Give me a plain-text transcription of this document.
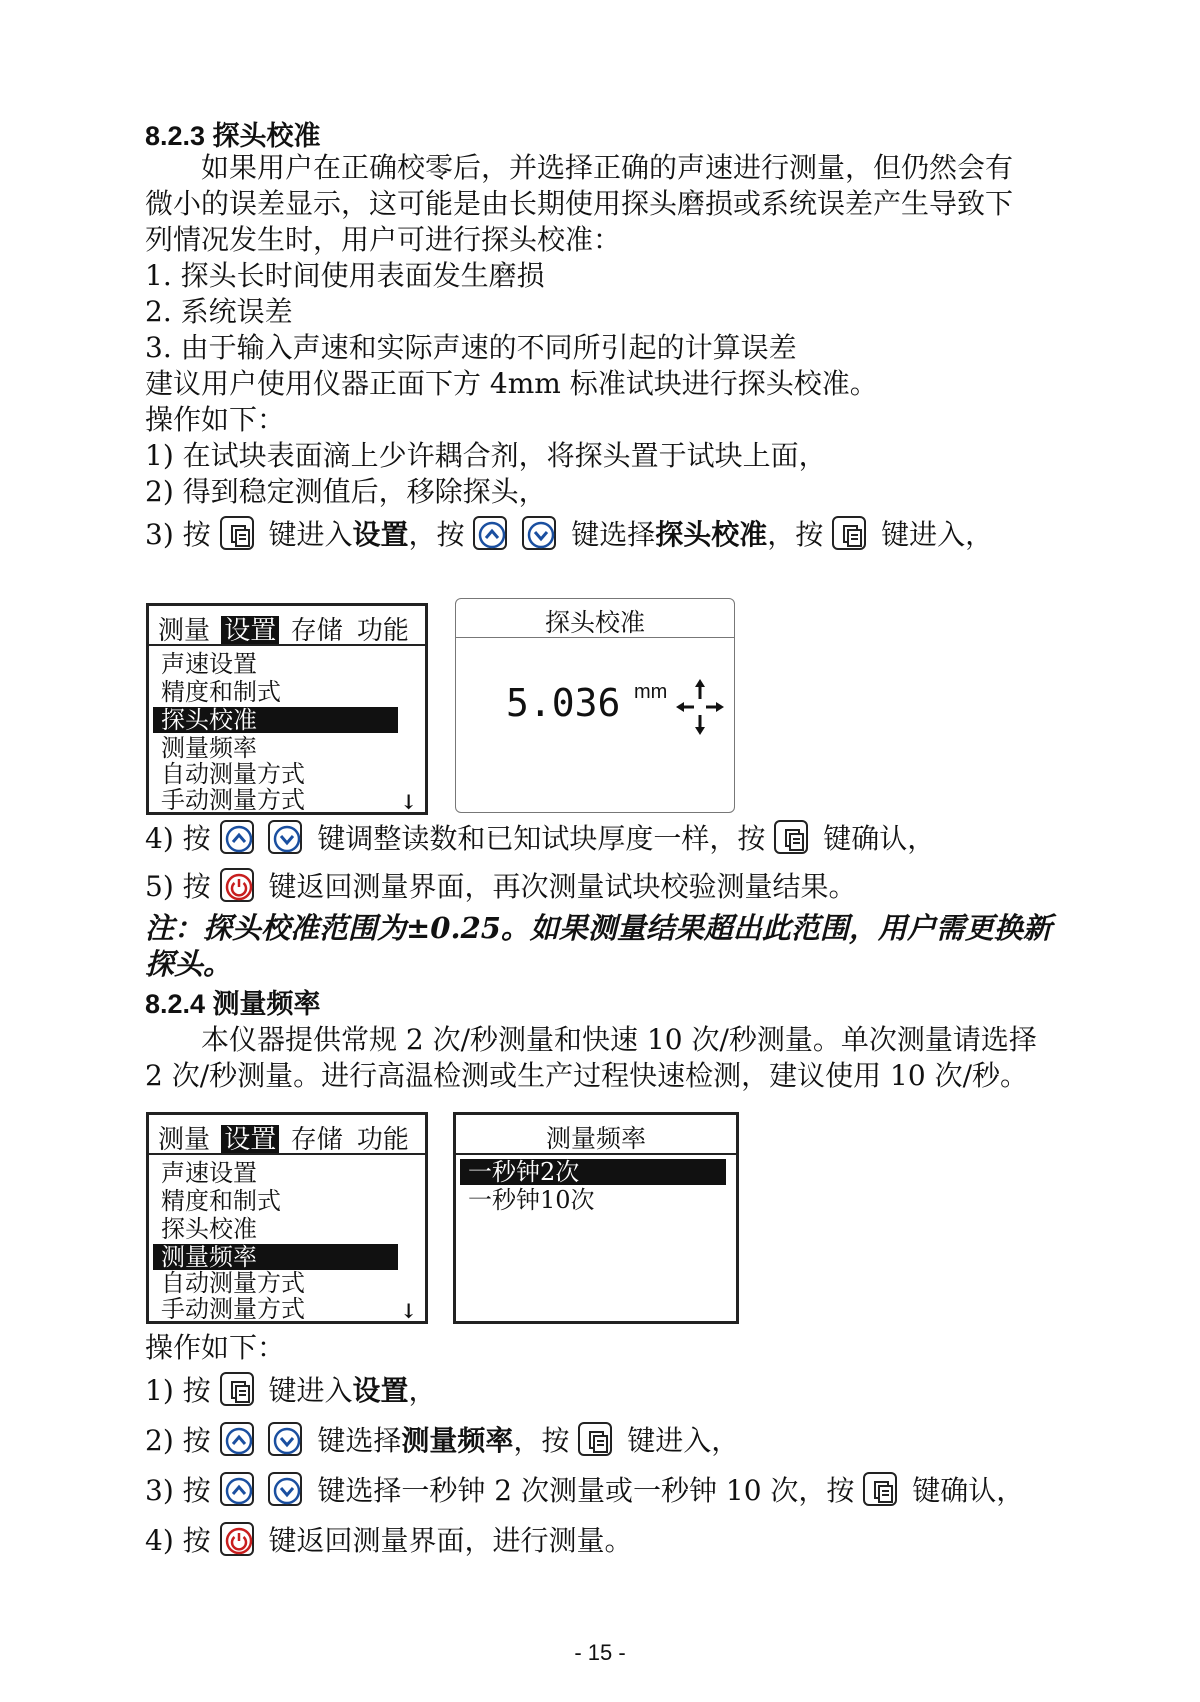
8.2.3 探头校准
　　如果用户在正确校零后，并选择正确的声速进行测量，但仍然会有
微小的误差显示，这可能是由长期使用探头磨损或系统误差产生导致下
列情况发生时，用户可进行探头校准：
1. 探头长时间使用表面发生磨损
2. 系统误差
3. 由于输入声速和实际声速的不同所引起的计算误差
建议用户使用仪器正面下方 4mm 标准试块进行探头校准。
操作如下：
1) 在试块表面滴上少许耦合剂，将探头置于试块上面，
2) 得到稳定测值后，移除探头，
3) 按 键进入设置，按
	键选择探头校准，按 键进入，
测量 设置 存储 功能
声速设置
精度和制式
探头校准
测量频率
自动测量方式
手动测量方式	↓
探头校准
5.036 mm
4) 按
	键调整读数和已知试块厚度一样，按 键确认，
5) 按 键返回测量界面，再次测量试块校验测量结果。
注：探头校准范围为±0.25。如果测量结果超出此范围，用户需更换新
探头。
8.2.4 测量频率
　　本仪器提供常规 2 次/秒测量和快速 10 次/秒测量。单次测量请选择
2 次/秒测量。进行高温检测或生产过程快速检测，建议使用 10 次/秒。
测量 设置 存储 功能
声速设置
精度和制式
探头校准
测量频率
自动测量方式
手动测量方式	↓
测量频率
一秒钟2次
一秒钟10次
操作如下：
1) 按 键进入设置，
2) 按
	键选择测量频率，按 键进入，
3) 按
	键选择一秒钟 2 次测量或一秒钟 10 次，按 键确认，
4) 按 键返回测量界面，进行测量。
- 15 -
